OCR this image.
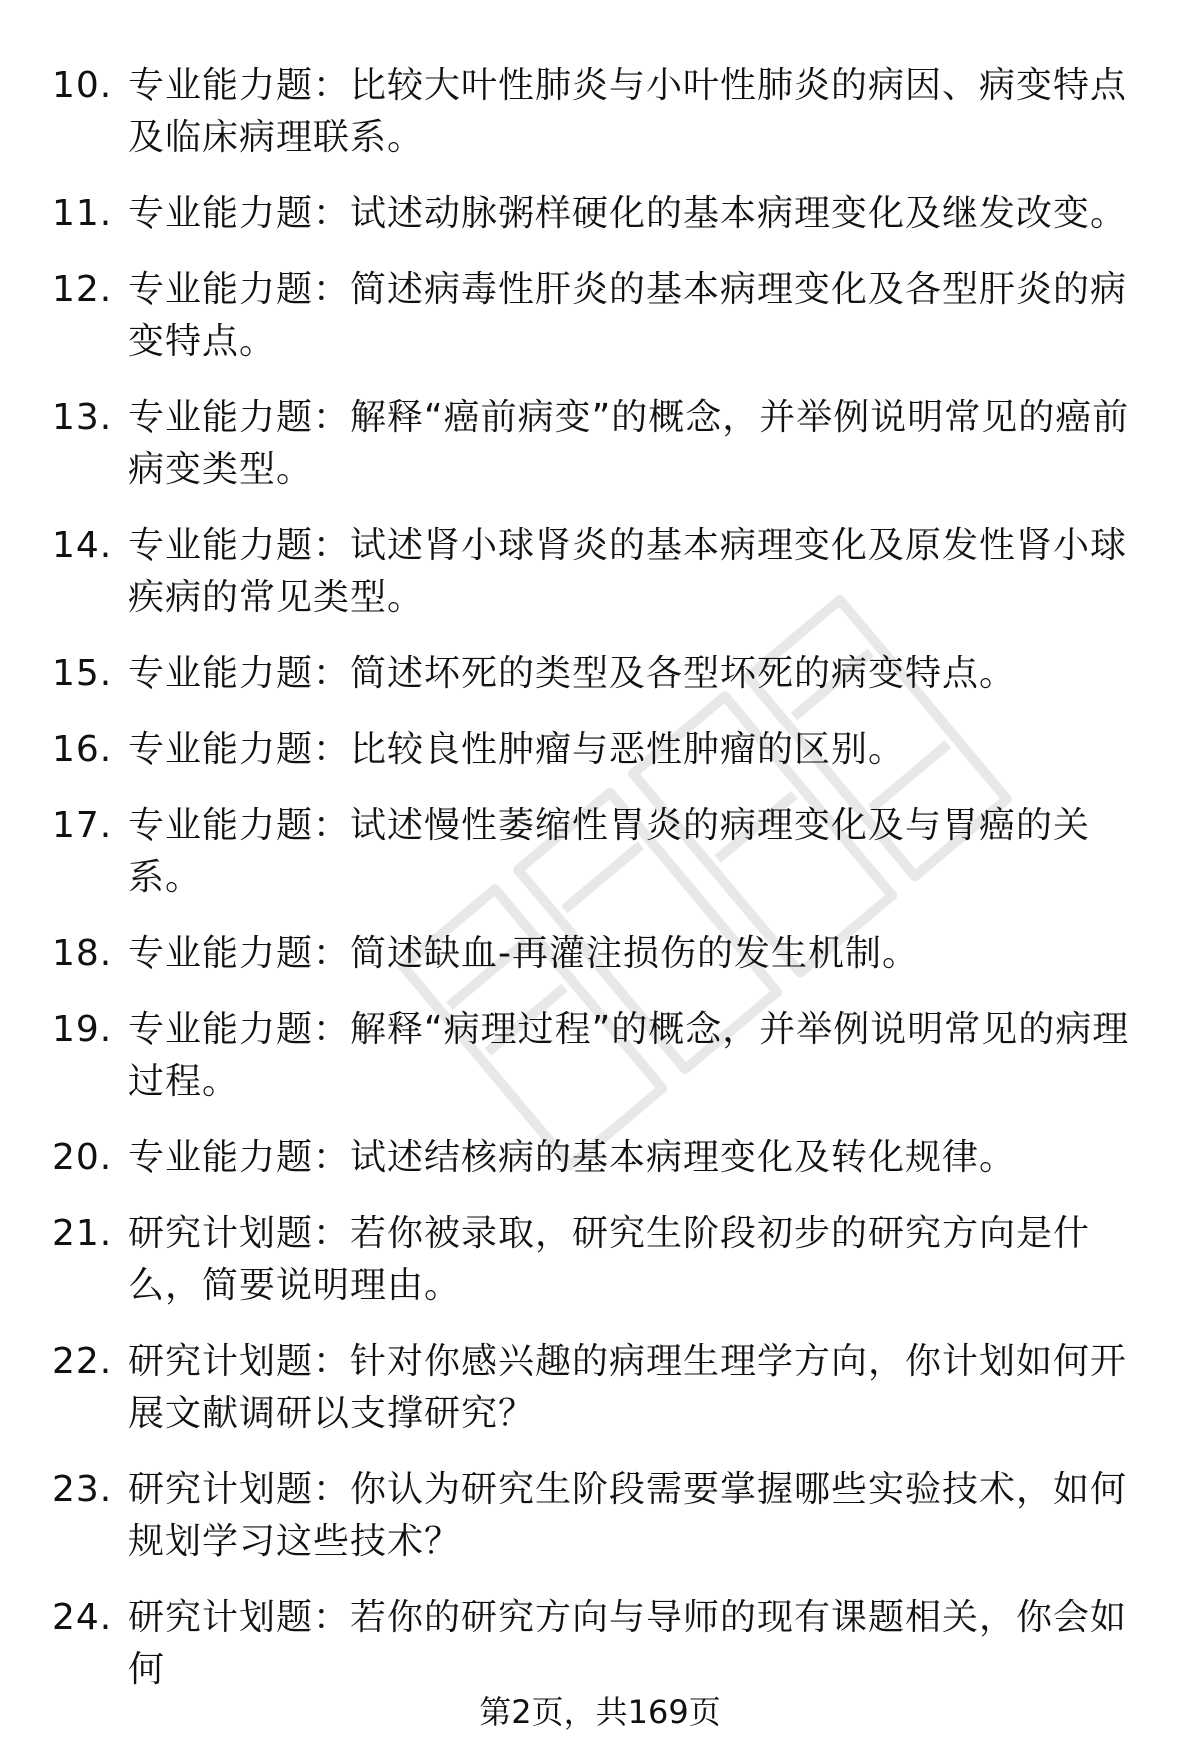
10. 专业能力题：比较大叶性肺炎与小叶性肺炎的病因、病变特点及临床病理联系。
11. 专业能力题：试述动脉粥样硬化的基本病理变化及继发改变。
12. 专业能力题：简述病毒性肝炎的基本病理变化及各型肝炎的病变特点。
13. 专业能力题：解释“癌前病变”的概念，并举例说明常见的癌前病变类型。
14. 专业能力题：试述肾小球肾炎的基本病理变化及原发性肾小球疾病的常见类型。
15. 专业能力题：简述坏死的类型及各型坏死的病变特点。
16. 专业能力题：比较良性肿瘤与恶性肿瘤的区别。
17. 专业能力题：试述慢性萎缩性胃炎的病理变化及与胃癌的关系。
18. 专业能力题：简述缺血-再灌注损伤的发生机制。
19. 专业能力题：解释“病理过程”的概念，并举例说明常见的病理过程。
20. 专业能力题：试述结核病的基本病理变化及转化规律。
21. 研究计划题：若你被录取，研究生阶段初步的研究方向是什么，简要说明理由。
22. 研究计划题：针对你感兴趣的病理生理学方向，你计划如何开展文献调研以支撑研究？
23. 研究计划题：你认为研究生阶段需要掌握哪些实验技术，如何规划学习这些技术？
24. 研究计划题：若你的研究方向与导师的现有课题相关，你会如何
第2页，共169页
